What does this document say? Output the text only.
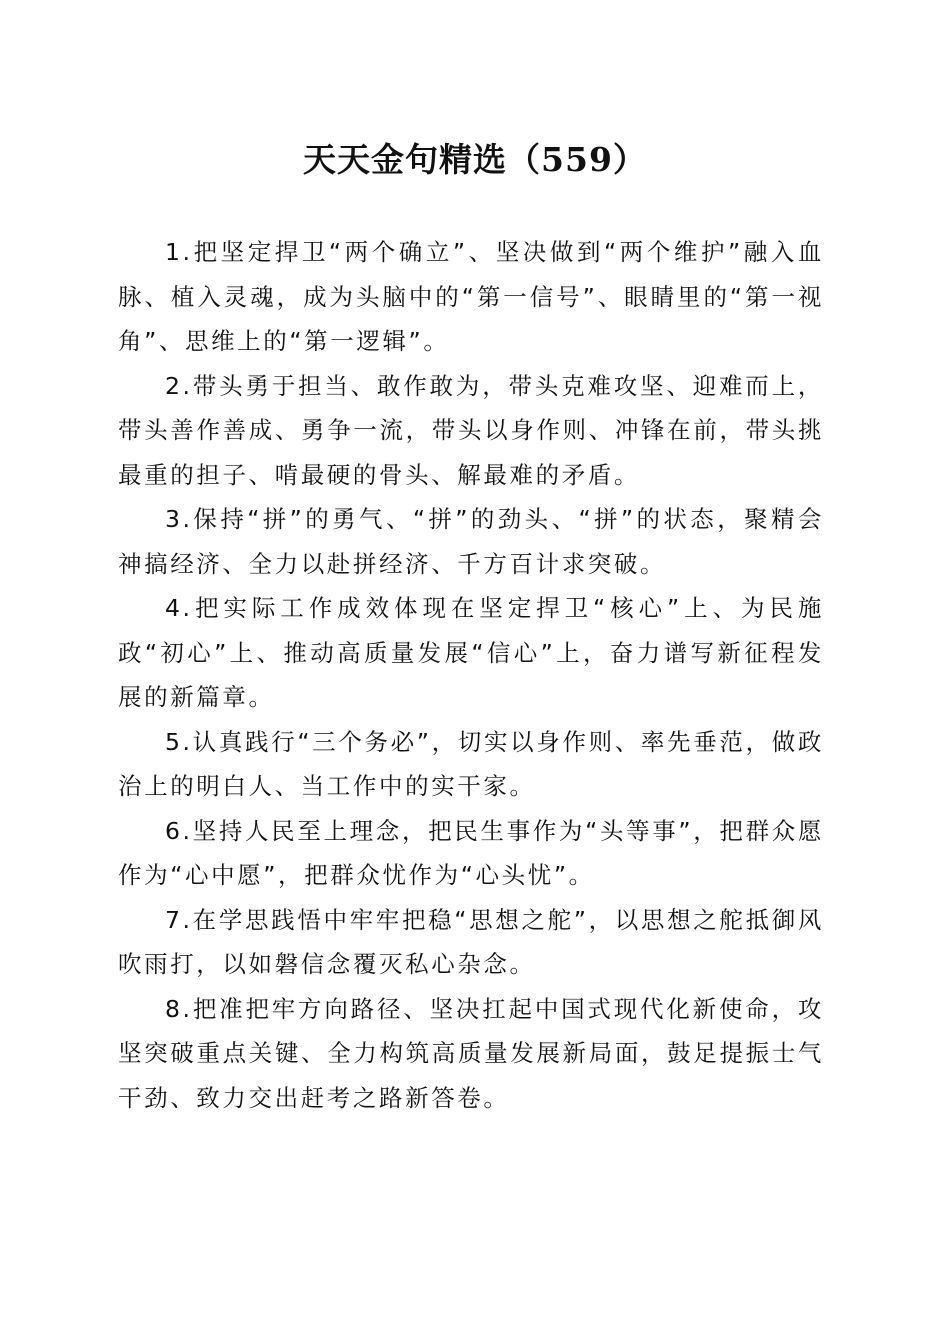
天天金句精选（559）

1.把坚定捍卫“两个确立”、坚决做到“两个维护”融入血脉、植入灵魂，成为头脑中的“第一信号”、眼睛里的“第一视角”、思维上的“第一逻辑”。

2.带头勇于担当、敢作敢为，带头克难攻坚、迎难而上，带头善作善成、勇争一流，带头以身作则、冲锋在前，带头挑最重的担子、啃最硬的骨头、解最难的矛盾。

3.保持“拼”的勇气、“拼”的劲头、“拼”的状态，聚精会神搞经济、全力以赴拼经济、千方百计求突破。

4.把实际工作成效体现在坚定捍卫“核心”上、为民施政“初心”上、推动高质量发展“信心”上，奋力谱写新征程发展的新篇章。

5.认真践行“三个务必”，切实以身作则、率先垂范，做政治上的明白人、当工作中的实干家。

6.坚持人民至上理念，把民生事作为“头等事”，把群众愿作为“心中愿”，把群众忧作为“心头忧”。

7.在学思践悟中牢牢把稳“思想之舵”，以思想之舵抵御风吹雨打，以如磐信念覆灭私心杂念。

8.把准把牢方向路径、坚决扛起中国式现代化新使命，攻坚突破重点关键、全力构筑高质量发展新局面，鼓足提振士气干劲、致力交出赶考之路新答卷。
